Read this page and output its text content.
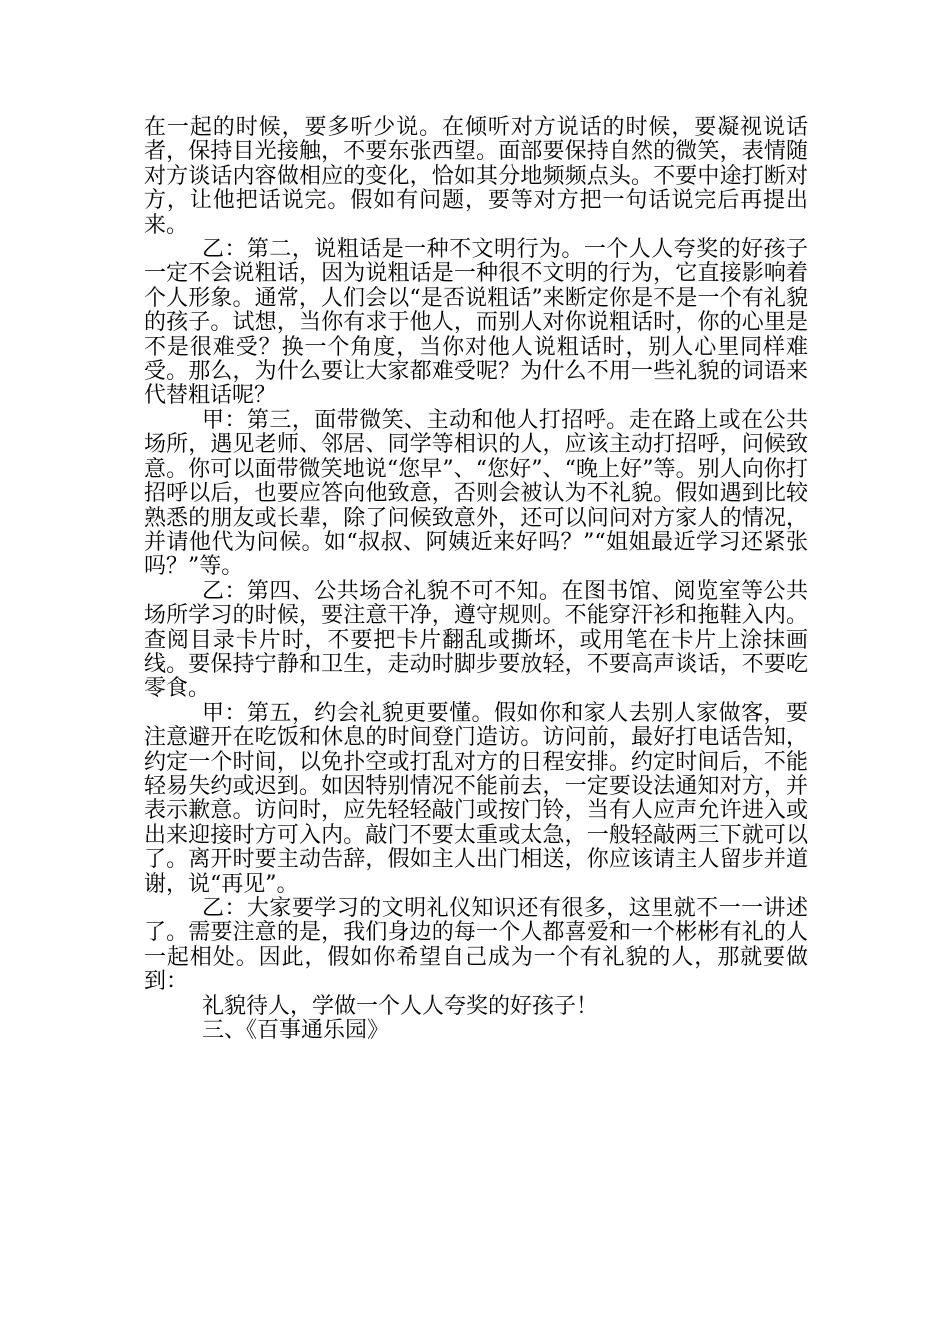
在一起的时候，要多听少说。在倾听对方说话的时候，要凝视说话者，保持目光接触，不要东张西望。面部要保持自然的微笑，表情随对方谈话内容做相应的变化，恰如其分地频频点头。不要中途打断对方，让他把话说完。假如有问题，要等对方把一句话说完后再提出来。

乙：第二，说粗话是一种不文明行为。一个人人夸奖的好孩子一定不会说粗话，因为说粗话是一种很不文明的行为，它直接影响着个人形象。通常，人们会以“是否说粗话”来断定你是不是一个有礼貌的孩子。试想，当你有求于他人，而别人对你说粗话时，你的心里是不是很难受？换一个角度，当你对他人说粗话时，别人心里同样难受。那么，为什么要让大家都难受呢？为什么不用一些礼貌的词语来代替粗话呢？

甲：第三，面带微笑、主动和他人打招呼。走在路上或在公共场所，遇见老师、邻居、同学等相识的人，应该主动打招呼，问候致意。你可以面带微笑地说“您早”、“您好”、“晚上好”等。别人向你打招呼以后，也要应答向他致意，否则会被认为不礼貌。假如遇到比较熟悉的朋友或长辈，除了问候致意外，还可以问问对方家人的情况，并请他代为问候。如“叔叔、阿姨近来好吗？”“姐姐最近学习还紧张吗？”等。

乙：第四、公共场合礼貌不可不知。在图书馆、阅览室等公共场所学习的时候，要注意干净，遵守规则。不能穿汗衫和拖鞋入内。查阅目录卡片时，不要把卡片翻乱或撕坏，或用笔在卡片上涂抹画线。要保持宁静和卫生，走动时脚步要放轻，不要高声谈话，不要吃零食。

甲：第五，约会礼貌更要懂。假如你和家人去别人家做客，要注意避开在吃饭和休息的时间登门造访。访问前，最好打电话告知，约定一个时间，以免扑空或打乱对方的日程安排。约定时间后，不能轻易失约或迟到。如因特别情况不能前去，一定要设法通知对方，并表示歉意。访问时，应先轻轻敲门或按门铃，当有人应声允许进入或出来迎接时方可入内。敲门不要太重或太急，一般轻敲两三下就可以了。离开时要主动告辞，假如主人出门相送，你应该请主人留步并道谢，说“再见”。

乙：大家要学习的文明礼仪知识还有很多，这里就不一一讲述了。需要注意的是，我们身边的每一个人都喜爱和一个彬彬有礼的人一起相处。因此，假如你希望自己成为一个有礼貌的人，那就要做到：

礼貌待人，学做一个人人夸奖的好孩子！

三、《百事通乐园》
